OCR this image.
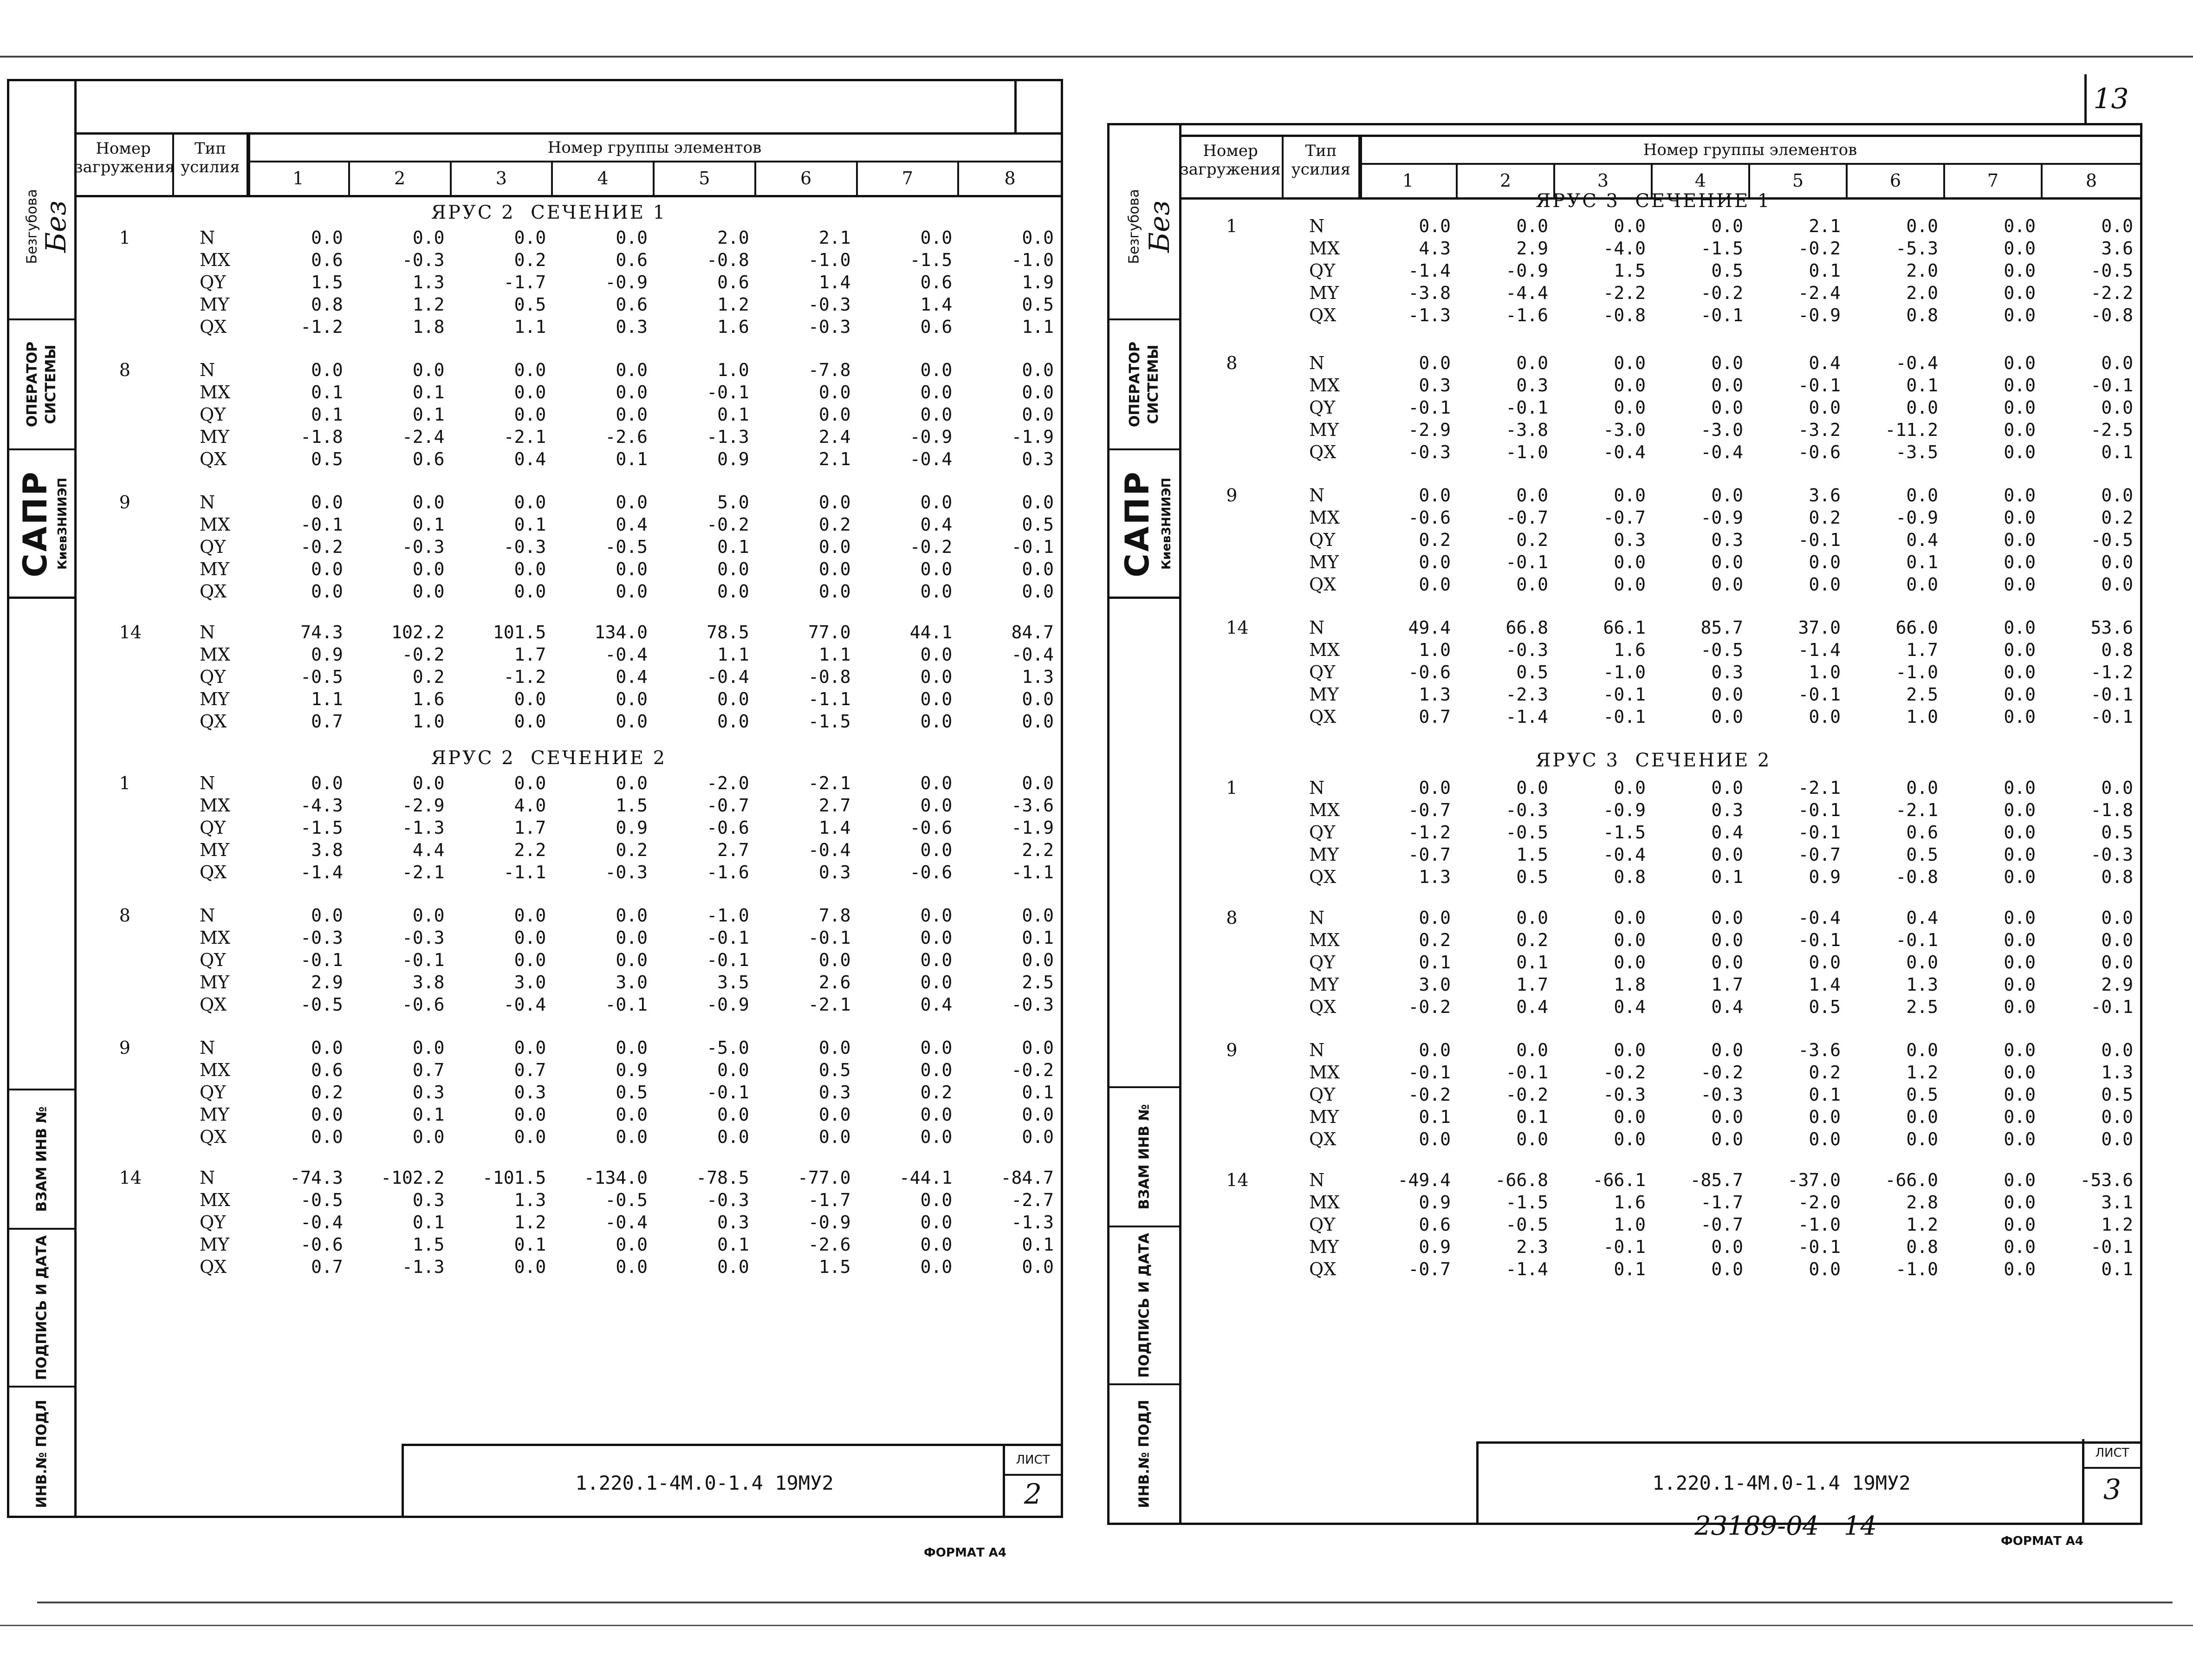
13
Безгубова Без
ОПЕРАТОР
СИСТЕМЫ
САПР КиевЗНИИЭП
ВЗАМ ИНВ №
ПОДПИСЬ И ДАТА
ИНВ.№ ПОДЛ
Номер
загружения
Тип
усилия
Номер группы элементов
1	2	3	4	5	6	7	8
ЯРУС 2  СЕЧЕНИЕ 1
1	N	0.0	0.0	0.0	0.0	2.0	2.1	0.0	0.0
MX	0.6	-0.3	0.2	0.6	-0.8	-1.0	-1.5	-1.0
QY	1.5	1.3	-1.7	-0.9	0.6	1.4	0.6	1.9
MY	0.8	1.2	0.5	0.6	1.2	-0.3	1.4	0.5
QX	-1.2	1.8	1.1	0.3	1.6	-0.3	0.6	1.1
8	N	0.0	0.0	0.0	0.0	1.0	-7.8	0.0	0.0
MX	0.1	0.1	0.0	0.0	-0.1	0.0	0.0	0.0
QY	0.1	0.1	0.0	0.0	0.1	0.0	0.0	0.0
MY	-1.8	-2.4	-2.1	-2.6	-1.3	2.4	-0.9	-1.9
QX	0.5	0.6	0.4	0.1	0.9	2.1	-0.4	0.3
9	N	0.0	0.0	0.0	0.0	5.0	0.0	0.0	0.0
MX	-0.1	0.1	0.1	0.4	-0.2	0.2	0.4	0.5
QY	-0.2	-0.3	-0.3	-0.5	0.1	0.0	-0.2	-0.1
MY	0.0	0.0	0.0	0.0	0.0	0.0	0.0	0.0
QX	0.0	0.0	0.0	0.0	0.0	0.0	0.0	0.0
14	N	74.3	102.2	101.5	134.0	78.5	77.0	44.1	84.7
MX	0.9	-0.2	1.7	-0.4	1.1	1.1	0.0	-0.4
QY	-0.5	0.2	-1.2	0.4	-0.4	-0.8	0.0	1.3
MY	1.1	1.6	0.0	0.0	0.0	-1.1	0.0	0.0
QX	0.7	1.0	0.0	0.0	0.0	-1.5	0.0	0.0
ЯРУС 2  СЕЧЕНИЕ 2
1	N	0.0	0.0	0.0	0.0	-2.0	-2.1	0.0	0.0
MX	-4.3	-2.9	4.0	1.5	-0.7	2.7	0.0	-3.6
QY	-1.5	-1.3	1.7	0.9	-0.6	1.4	-0.6	-1.9
MY	3.8	4.4	2.2	0.2	2.7	-0.4	0.0	2.2
QX	-1.4	-2.1	-1.1	-0.3	-1.6	0.3	-0.6	-1.1
8	N	0.0	0.0	0.0	0.0	-1.0	7.8	0.0	0.0
MX	-0.3	-0.3	0.0	0.0	-0.1	-0.1	0.0	0.1
QY	-0.1	-0.1	0.0	0.0	-0.1	0.0	0.0	0.0
MY	2.9	3.8	3.0	3.0	3.5	2.6	0.0	2.5
QX	-0.5	-0.6	-0.4	-0.1	-0.9	-2.1	0.4	-0.3
9	N	0.0	0.0	0.0	0.0	-5.0	0.0	0.0	0.0
MX	0.6	0.7	0.7	0.9	0.0	0.5	0.0	-0.2
QY	0.2	0.3	0.3	0.5	-0.1	0.3	0.2	0.1
MY	0.0	0.1	0.0	0.0	0.0	0.0	0.0	0.0
QX	0.0	0.0	0.0	0.0	0.0	0.0	0.0	0.0
14	N	-74.3	-102.2	-101.5	-134.0	-78.5	-77.0	-44.1	-84.7
MX	-0.5	0.3	1.3	-0.5	-0.3	-1.7	0.0	-2.7
QY	-0.4	0.1	1.2	-0.4	0.3	-0.9	0.0	-1.3
MY	-0.6	1.5	0.1	0.0	0.1	-2.6	0.0	0.1
QX	0.7	-1.3	0.0	0.0	0.0	1.5	0.0	0.0
1.220.1-4М.0-1.4 19МУ2
ЛИСТ
2
ФОРМАТ А4
Безгубова Без
ОПЕРАТОР
СИСТЕМЫ
САПР КиевЗНИИЭП
ВЗАМ ИНВ №
ПОДПИСЬ И ДАТА
ИНВ.№ ПОДЛ
Номер
загружения
Тип
усилия
Номер группы элементов
1	2	3	4	5	6	7	8
ЯРУС 3  СЕЧЕНИЕ 1
1	N	0.0	0.0	0.0	0.0	2.1	0.0	0.0	0.0
MX	4.3	2.9	-4.0	-1.5	-0.2	-5.3	0.0	3.6
QY	-1.4	-0.9	1.5	0.5	0.1	2.0	0.0	-0.5
MY	-3.8	-4.4	-2.2	-0.2	-2.4	2.0	0.0	-2.2
QX	-1.3	-1.6	-0.8	-0.1	-0.9	0.8	0.0	-0.8
8	N	0.0	0.0	0.0	0.0	0.4	-0.4	0.0	0.0
MX	0.3	0.3	0.0	0.0	-0.1	0.1	0.0	-0.1
QY	-0.1	-0.1	0.0	0.0	0.0	0.0	0.0	0.0
MY	-2.9	-3.8	-3.0	-3.0	-3.2	-11.2	0.0	-2.5
QX	-0.3	-1.0	-0.4	-0.4	-0.6	-3.5	0.0	0.1
9	N	0.0	0.0	0.0	0.0	3.6	0.0	0.0	0.0
MX	-0.6	-0.7	-0.7	-0.9	0.2	-0.9	0.0	0.2
QY	0.2	0.2	0.3	0.3	-0.1	0.4	0.0	-0.5
MY	0.0	-0.1	0.0	0.0	0.0	0.1	0.0	0.0
QX	0.0	0.0	0.0	0.0	0.0	0.0	0.0	0.0
14	N	49.4	66.8	66.1	85.7	37.0	66.0	0.0	53.6
MX	1.0	-0.3	1.6	-0.5	-1.4	1.7	0.0	0.8
QY	-0.6	0.5	-1.0	0.3	1.0	-1.0	0.0	-1.2
MY	1.3	-2.3	-0.1	0.0	-0.1	2.5	0.0	-0.1
QX	0.7	-1.4	-0.1	0.0	0.0	1.0	0.0	-0.1
ЯРУС 3  СЕЧЕНИЕ 2
1	N	0.0	0.0	0.0	0.0	-2.1	0.0	0.0	0.0
MX	-0.7	-0.3	-0.9	0.3	-0.1	-2.1	0.0	-1.8
QY	-1.2	-0.5	-1.5	0.4	-0.1	0.6	0.0	0.5
MY	-0.7	1.5	-0.4	0.0	-0.7	0.5	0.0	-0.3
QX	1.3	0.5	0.8	0.1	0.9	-0.8	0.0	0.8
8	N	0.0	0.0	0.0	0.0	-0.4	0.4	0.0	0.0
MX	0.2	0.2	0.0	0.0	-0.1	-0.1	0.0	0.0
QY	0.1	0.1	0.0	0.0	0.0	0.0	0.0	0.0
MY	3.0	1.7	1.8	1.7	1.4	1.3	0.0	2.9
QX	-0.2	0.4	0.4	0.4	0.5	2.5	0.0	-0.1
9	N	0.0	0.0	0.0	0.0	-3.6	0.0	0.0	0.0
MX	-0.1	-0.1	-0.2	-0.2	0.2	1.2	0.0	1.3
QY	-0.2	-0.2	-0.3	-0.3	0.1	0.5	0.0	0.5
MY	0.1	0.1	0.0	0.0	0.0	0.0	0.0	0.0
QX	0.0	0.0	0.0	0.0	0.0	0.0	0.0	0.0
14	N	-49.4	-66.8	-66.1	-85.7	-37.0	-66.0	0.0	-53.6
MX	0.9	-1.5	1.6	-1.7	-2.0	2.8	0.0	3.1
QY	0.6	-0.5	1.0	-0.7	-1.0	1.2	0.0	1.2
MY	0.9	2.3	-0.1	0.0	-0.1	0.8	0.0	-0.1
QX	-0.7	-1.4	0.1	0.0	0.0	-1.0	0.0	0.1
1.220.1-4М.0-1.4 19МУ2
ЛИСТ
3
23189-04   14	ФОРМАТ А4
